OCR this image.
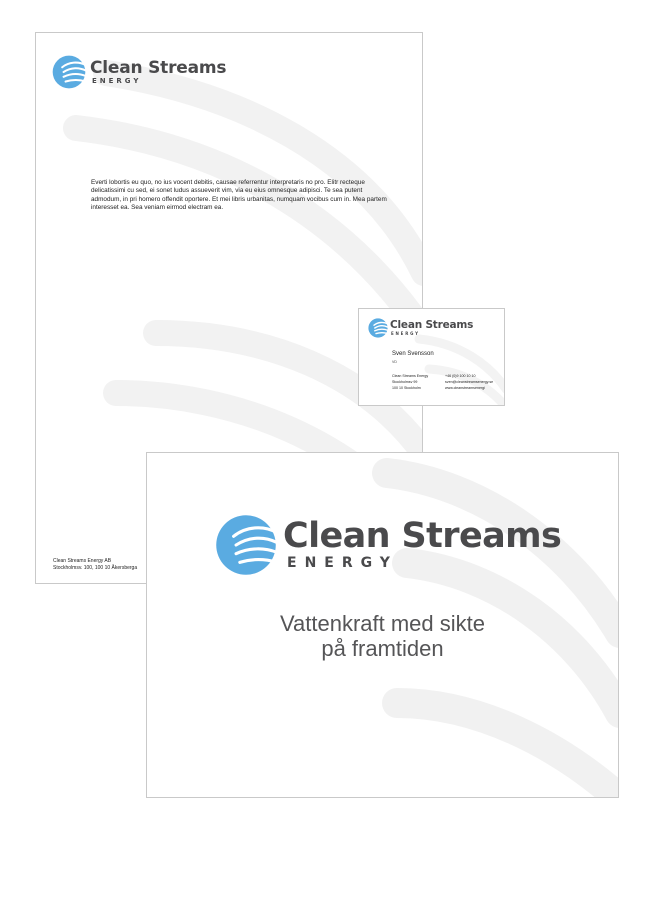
Clean Streams
ENERGY

Everti lobortis eu quo, no ius vocent debitis, causae referrentur interpretaris no pro. Elitr recteque delicatissimi cu sed, ei sonet ludus assueverit vim, via eu eius omnesque adipisci. Te sea putent admodum, in pri homero offendit oportere. Et mei libris urbanitas, numquam vocibus cum in. Mea partem interesset ea. Sea veniam eirmod electram ea.

Clean Streams Energy AB
Stockholmsv. 100, 100 10 Åkersberga
Clean Streams
ENERGY
Sven Svensson
VD
Clean Streams Energy
Stockholmsv 99
100 10 Stockholm
+46 (0)9 100 10 10
sven@cleanstreamsenergy.se
www.cleanstreamsenergi
Clean Streams
ENERGY
Vattenkraft med sikte
på framtiden
